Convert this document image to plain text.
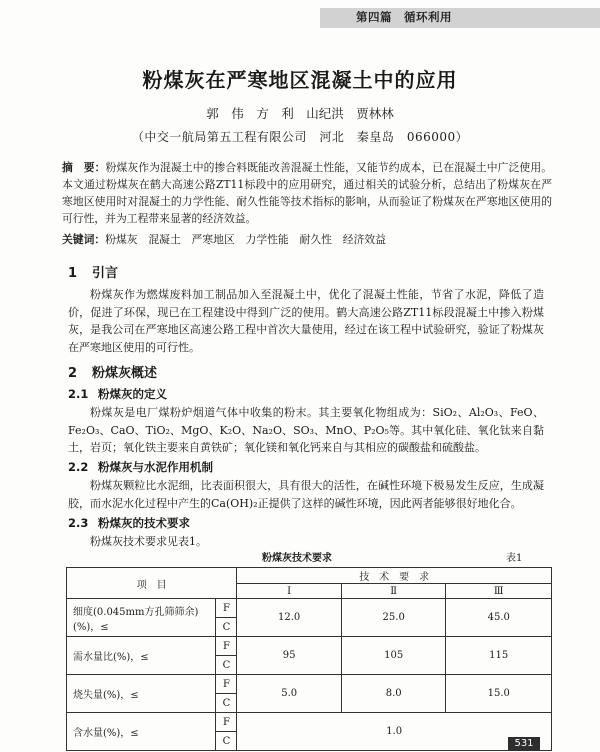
第四篇　循环利用
粉煤灰在严寒地区混凝土中的应用
郭　伟　方　利　山纪洪　贾林林
（中交一航局第五工程有限公司　河北　秦皇岛　066000）
摘　要：粉煤灰作为混凝土中的掺合料既能改善混凝土性能，又能节约成本，已在混凝土中广泛使用。本文通过粉煤灰在鹤大高速公路ZT11标段中的应用研究，通过相关的试验分析，总结出了粉煤灰在严寒地区使用时对混凝土的力学性能、耐久性能等技术指标的影响，从而验证了粉煤灰在严寒地区使用的可行性，并为工程带来显著的经济效益。
关键词：粉煤灰　混凝土　严寒地区　力学性能　耐久性　经济效益
1 引言
粉煤灰作为燃煤废料加工制品加入至混凝土中，优化了混凝土性能，节省了水泥，降低了造价，促进了环保，现已在工程建设中得到广泛的使用。鹤大高速公路ZT11标段混凝土中掺入粉煤灰，是我公司在严寒地区高速公路工程中首次大量使用，经过在该工程中试验研究，验证了粉煤灰在严寒地区使用的可行性。
2 粉煤灰概述
2.1 粉煤灰的定义
粉煤灰是电厂煤粉炉烟道气体中收集的粉末。其主要氧化物组成为：SiO₂、Al₂O₃、FeO、Fe₂O₃、CaO、TiO₂、MgO、K₂O、Na₂O、SO₃、MnO、P₂O₅等。其中氧化硅、氧化钛来自黏土，岩页；氧化铁主要来自黄铁矿；氧化镁和氧化钙来自与其相应的碳酸盐和硫酸盐。
2.2 粉煤灰与水泥作用机制
粉煤灰颗粒比水泥细，比表面积很大，具有很大的活性，在碱性环境下极易发生反应，生成凝胶，而水泥水化过程中产生的Ca(OH)₂正提供了这样的碱性环境，因此两者能够很好地化合。
2.3 粉煤灰的技术要求
粉煤灰技术要求见表1。
粉煤灰技术要求	表1
项　目		技　术　要　求		
		Ⅰ	Ⅱ	Ⅲ
细度(0.045mm方孔筛筛余)(%)，≤	F	12.0	25.0	45.0
	C			
需水量比(%)，≤	F	95	105	115
	C			
烧失量(%)，≤	F	5.0	8.0	15.0
	C			
含水量(%)，≤	F	1.0		
	C				531
